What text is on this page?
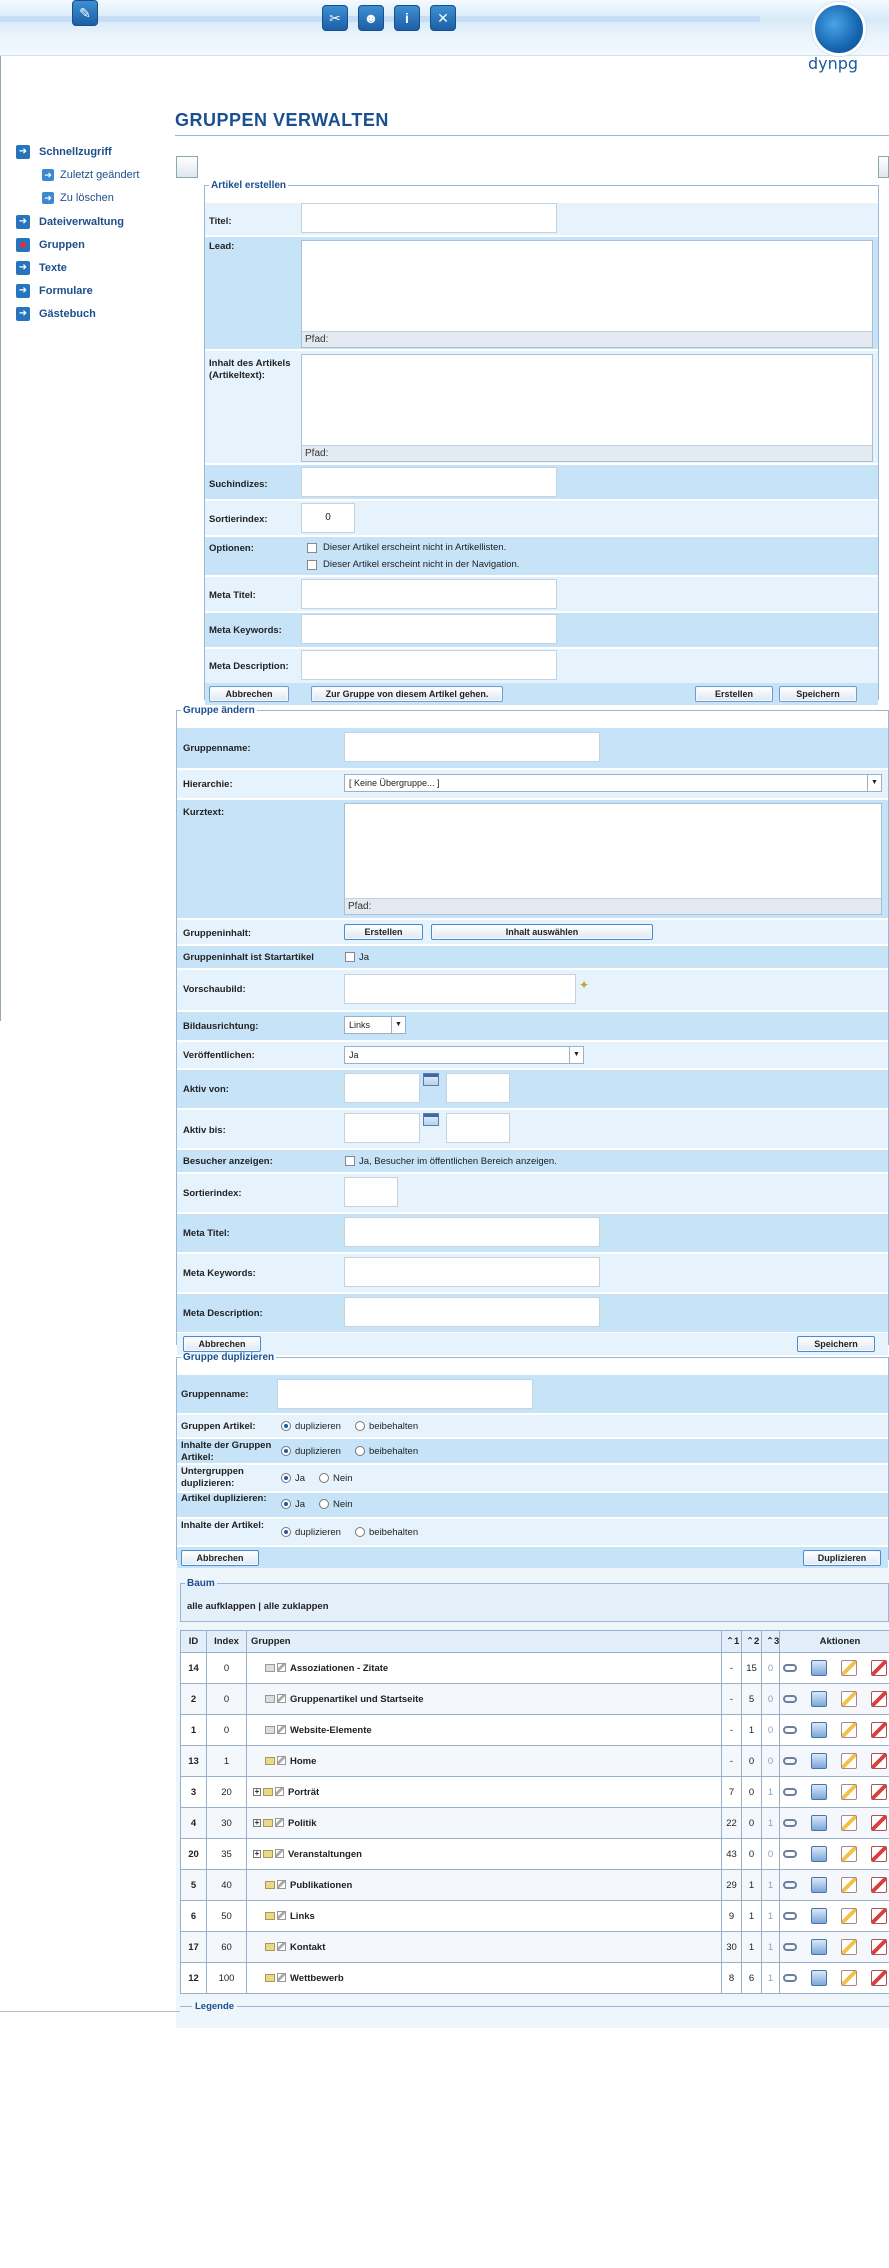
✎	✂	☻	i	✕
dynpg
➜ Schnellzugriff
➜ Zuletzt geändert
➜ Zu löschen
➜ Dateiverwaltung
Gruppen
➜ Texte
➜ Formulare
➜ Gästebuch
GRUPPEN VERWALTEN
Artikel erstellen
Titel:
Lead:
Pfad:
Inhalt des Artikels (Artikeltext):
Pfad:
Suchindizes:
Sortierindex:	0
Optionen:	Dieser Artikel erscheint nicht in Artikellisten.
Dieser Artikel erscheint nicht in der Navigation.
Meta Titel:
Meta Keywords:
Meta Description:
Abbrechen	Zur Gruppe von diesem Artikel gehen.	Erstellen	Speichern
Gruppe ändern
Gruppenname:
Hierarchie:	[ Keine Übergruppe... ]	▼
Kurztext:
Pfad:
Gruppeninhalt:	Erstellen	Inhalt auswählen
Gruppeninhalt ist Startartikel	Ja
Vorschaubild:	✦
Bildausrichtung:	Links	▼
Veröffentlichen:	Ja	▼
Aktiv von:
Aktiv bis:
Besucher anzeigen:	Ja, Besucher im öffentlichen Bereich anzeigen.
Sortierindex:
Meta Titel:
Meta Keywords:
Meta Description:
Abbrechen	Speichern
Gruppe duplizieren
Gruppenname:
Gruppen Artikel:	duplizieren	beibehalten
Inhalte der Gruppen Artikel:
duplizieren	beibehalten
Untergruppen duplizieren:	Ja	Nein
Artikel duplizieren:
Ja	Nein
Inhalte der Artikel:
duplizieren	beibehalten
Abbrechen	Duplizieren
Baum
alle aufklappen | alle zuklappen
ID	Index	Gruppen	⌃1	⌃2	⌃3	Aktionen
14	0	Assoziationen - Zitate	-	15	0	
2	0	Gruppenartikel und Startseite	-	5	0	
1	0	Website-Elemente	-	1	0	
13	1	Home	-	0	0	
3	20	+ Porträt	7	0	1	
4	30	+ Politik	22	0	1	
20	35	+ Veranstaltungen	43	0	0	
5	40	Publikationen	29	1	1	
6	50	Links	9	1	1	
17	60	Kontakt	30	1	1	
12	100	Wettbewerb	8	6	1	
Legende
